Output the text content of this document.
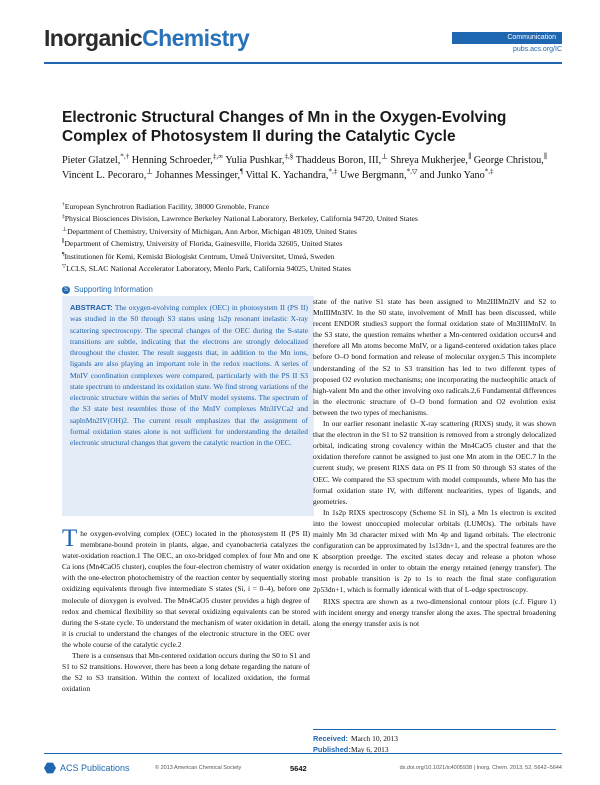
InorganicChemistry	Communication
pubs.acs.org/IC
Electronic Structural Changes of Mn in the Oxygen-Evolving Complex of Photosystem II during the Catalytic Cycle
Pieter Glatzel,*,† Henning Schroeder,‡,∞ Yulia Pushkar,‡,§ Thaddeus Boron, III,⊥ Shreya Mukherjee,∥ George Christou,∥ Vincent L. Pecoraro,⊥ Johannes Messinger,¶ Vittal K. Yachandra,*,‡ Uwe Bergmann,*,▽ and Junko Yano*,‡
†European Synchrotron Radiation Facility, 38000 Grenoble, France
‡Physical Biosciences Division, Lawrence Berkeley National Laboratory, Berkeley, California 94720, United States
⊥Department of Chemistry, University of Michigan, Ann Arbor, Michigan 48109, United States
∥Department of Chemistry, University of Florida, Gainesville, Florida 32605, United States
¶Institutionen för Kemi, Kemiskt Biologiskt Centrum, Umeå Universitet, Umeå, Sweden
▽LCLS, SLAC National Accelerator Laboratory, Menlo Park, California 94025, United States
S Supporting Information
ABSTRACT: The oxygen-evolving complex (OEC) in photosystem II (PS II) was studied in the S0 through S3 states using 1s2p resonant inelastic X-ray scattering spectroscopy. The spectral changes of the OEC during the S-state transitions are subtle, indicating that the electrons are strongly delocalized throughout the cluster. The result suggests that, in addition to the Mn ions, ligands are also playing an important role in the redox reactions. A series of MnIV coordination complexes were compared, particularly with the PS II S3 state spectrum to understand its oxidation state. We find strong variations of the electronic structure within the series of MnIV model systems. The spectrum of the S3 state best resembles those of the MnIV complexes Mn3IVCa2 and saplnMn2IV(OH)2. The current result emphasizes that the assignment of formal oxidation states alone is not sufficient for understanding the detailed electronic structural changes that govern the catalytic reaction in the OEC.

The oxygen-evolving complex (OEC) located in the photosystem II (PS II) membrane-bound protein in plants, algae, and cyanobacteria catalyzes the water-oxidation reaction.1 The OEC, an oxo-bridged complex of four Mn and one Ca ions (Mn4CaO5 cluster), couples the four-electron chemistry of water oxidation with the one-electron photochemistry of the reaction center by sequentially storing oxidizing equivalents through five intermediate S states (Si, i = 0–4), before one molecule of dioxygen is evolved. The Mn4CaO5 cluster provides a high degree of redox and chemical flexibility so that several oxidizing equivalents can be stored during the S-state cycle. To understand the mechanism of water oxidation in detail, it is crucial to understand the changes of the electronic structure in the OEC over the whole course of the catalytic cycle.2

There is a consensus that Mn-centered oxidation occurs during the S0 to S1 and S1 to S2 transitions. However, there has been a long debate regarding the nature of the S2 to S3 transition. Within the context of localized oxidation, the formal oxidation

state of the native S1 state has been assigned to Mn2IIIMn2IV and S2 to MnIIIMn3IV. In the S0 state, involvement of MnII has been discussed, while recent ENDOR studies3 support the formal oxidation state of Mn3IIIMnIV. In the S3 state, the question remains whether a Mn-centered oxidation occurs4 and therefore all Mn atoms become MnIV, or a ligand-centered oxidation takes place before O–O bond formation and release of molecular oxygen.5 This incomplete understanding of the S2 to S3 transition has led to two different types of proposed O2 evolution mechanisms; one incorporating the nucleophilic attack of high-valent Mn and the other involving oxo radicals.2,6 Fundamental differences in the electronic structure of O–O bond formation and O2 evolution exist between the two types of mechanisms.

In our earlier resonant inelastic X-ray scattering (RIXS) study, it was shown that the electron in the S1 to S2 transition is removed from a strongly delocalized orbital, indicating strong covalency within the Mn4CaO5 cluster and that the oxidation therefore cannot be assigned to just one Mn atom in the OEC.7 In the current study, we present RIXS data on PS II from S0 through S3 states of the OEC. We compared the S3 spectrum with model compounds, where Mn has the formal oxidation state IV, with different nuclearities, types of ligands, and geometries.

In 1s2p RIXS spectroscopy (Scheme S1 in SI), a Mn 1s electron is excited into the lowest unoccupied molecular orbitals (LUMOs). The orbitals have mainly Mn 3d character mixed with Mn 4p and ligand orbitals. The electronic configuration can be approximated by 1s13dn+1, and the spectral features are the K absorption preedge. The excited states decay and release a photon whose energy is recorded in order to obtain the energy retained (energy transfer). The most probable transition is 2p to 1s to reach the final state configuration 2p53dn+1, which is formally identical with that of L-edge spectroscopy.

RIXS spectra are shown as a two-dimensional contour plots (c.f. Figure 1) with incident energy and energy transfer along the axes. The spectral broadening along the energy transfer axis is not

Received: March 10, 2013
Published:May 6, 2013
ACS Publications	© 2013 American Chemical Society	5642	dx.doi.org/10.1021/ic4005938 | Inorg. Chem. 2013, 52, 5642−5644
